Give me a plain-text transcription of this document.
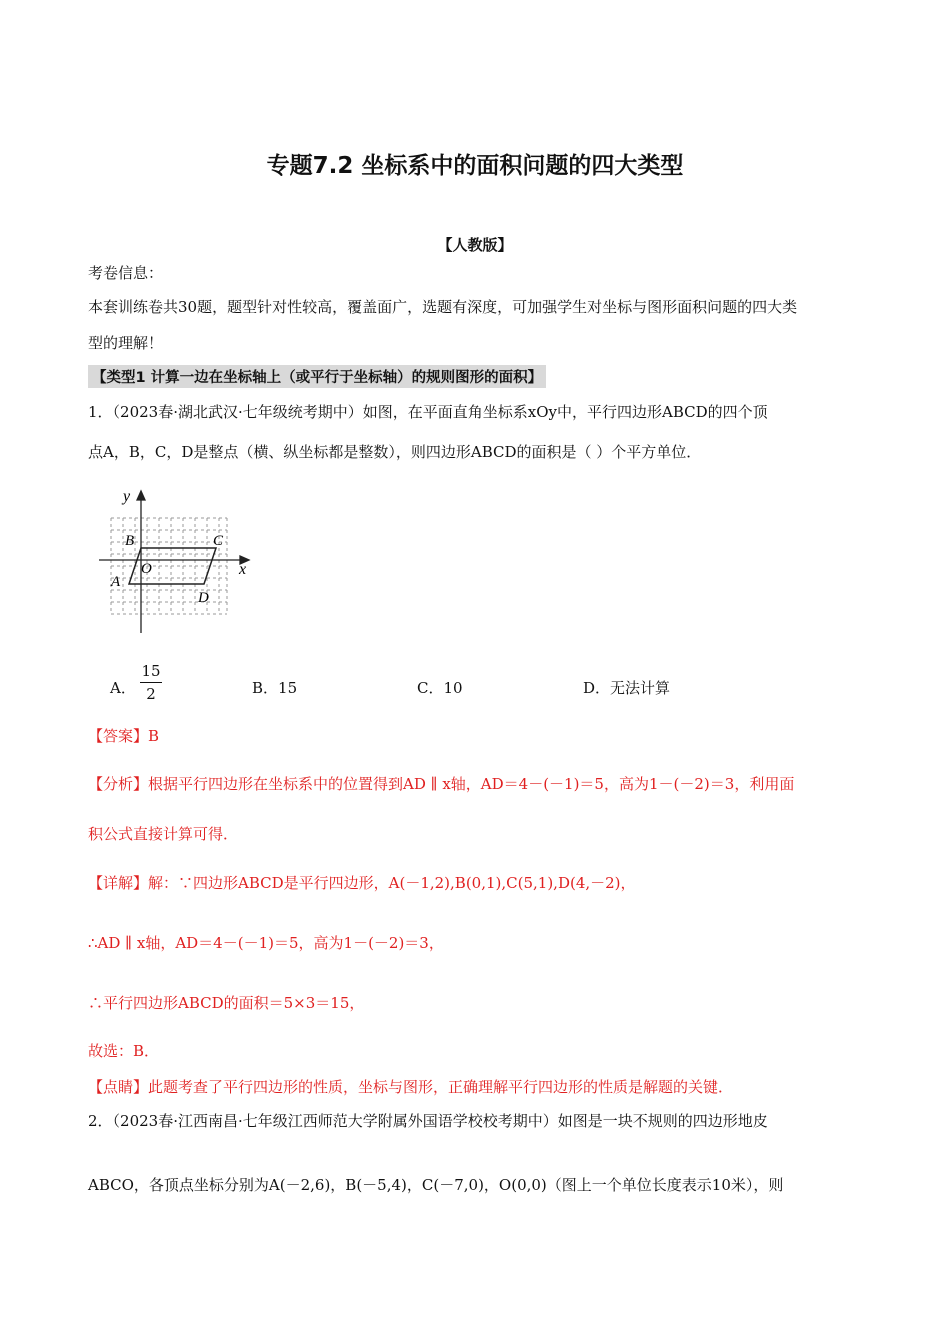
专题7.2 坐标系中的面积问题的四大类型
【人教版】
考卷信息：
本套训练卷共30题，题型针对性较高，覆盖面广，选题有深度，可加强学生对坐标与图形面积问题的四大类
型的理解！
【类型1 计算一边在坐标轴上（或平行于坐标轴）的规则图形的面积】
1．（2023春·湖北武汉·七年级统考期中）如图，在平面直角坐标系xOy中，平行四边形ABCD的四个顶
点A，B，C，D是整点（横、纵坐标都是整数），则四边形ABCD的面积是（ ）个平方单位．
y
x
B	C
A
O
D
A．
15
2	B．15	C．10	D．无法计算
【答案】B
【分析】根据平行四边形在坐标系中的位置得到AD ∥ x轴，AD＝4－(－1)＝5，高为1－(－2)＝3，利用面
积公式直接计算可得．
【详解】解：∵四边形ABCD是平行四边形，A(－1,2),B(0,1),C(5,1),D(4,－2)，
∴AD ∥ x轴，AD＝4－(－1)＝5，高为1－(－2)＝3，
∴平行四边形ABCD的面积＝5×3＝15，
故选：B．
【点睛】此题考查了平行四边形的性质，坐标与图形，正确理解平行四边形的性质是解题的关键．
2．（2023春·江西南昌·七年级江西师范大学附属外国语学校校考期中）如图是一块不规则的四边形地皮
ABCO，各顶点坐标分别为A(－2,6)，B(－5,4)，C(－7,0)，O(0,0)（图上一个单位长度表示10米），则
